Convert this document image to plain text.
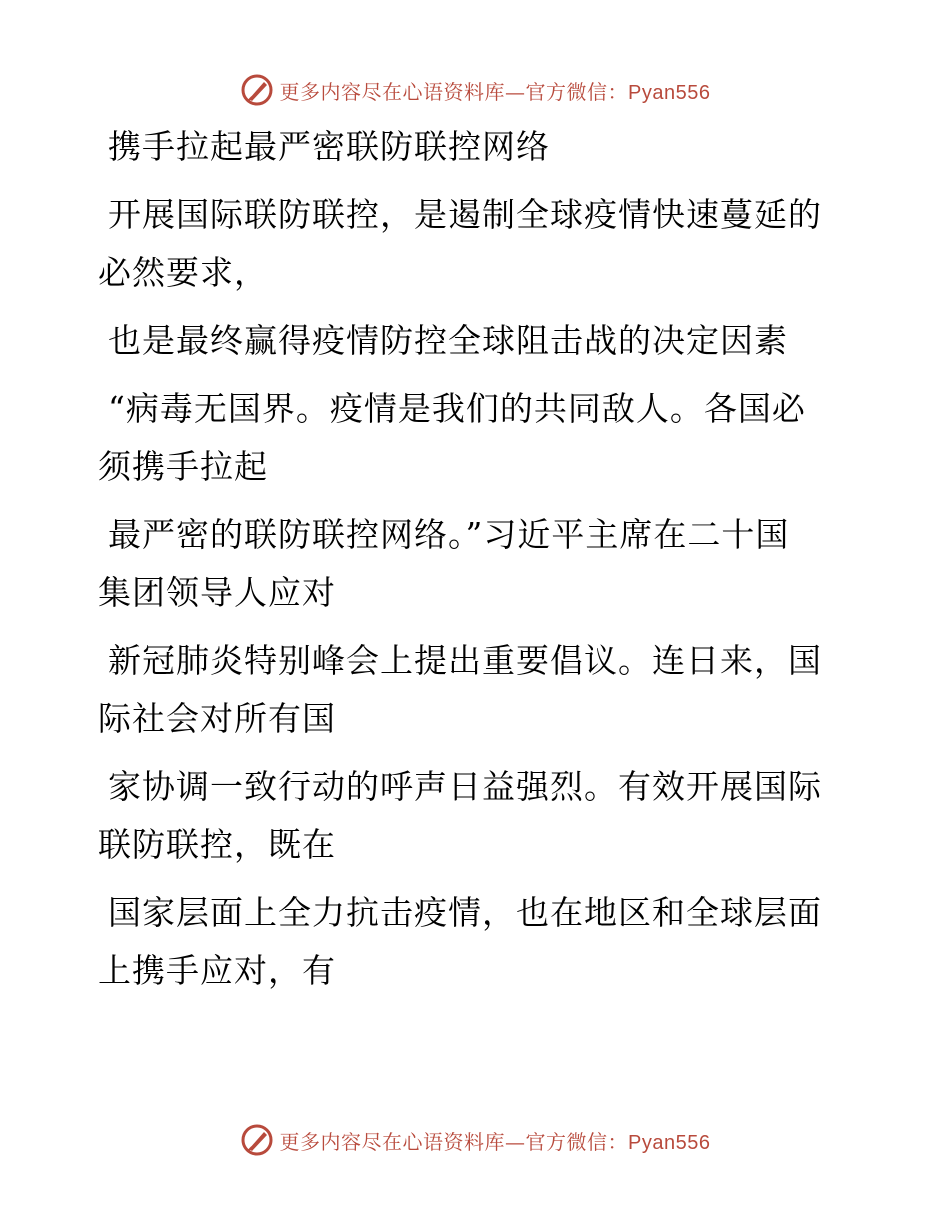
更多内容尽在心语资料库—官方微信：Pyan556
携手拉起最严密联防联控网络
开展国际联防联控，是遏制全球疫情快速蔓延的
必然要求，
也是最终赢得疫情防控全球阻击战的决定因素
“病毒无国界。疫情是我们的共同敌人。各国必
须携手拉起
最严密的联防联控网络。”习近平主席在二十国
集团领导人应对
新冠肺炎特别峰会上提出重要倡议。连日来，国
际社会对所有国
家协调一致行动的呼声日益强烈。有效开展国际
联防联控，既在
国家层面上全力抗击疫情，也在地区和全球层面
上携手应对，有
更多内容尽在心语资料库—官方微信：Pyan556
